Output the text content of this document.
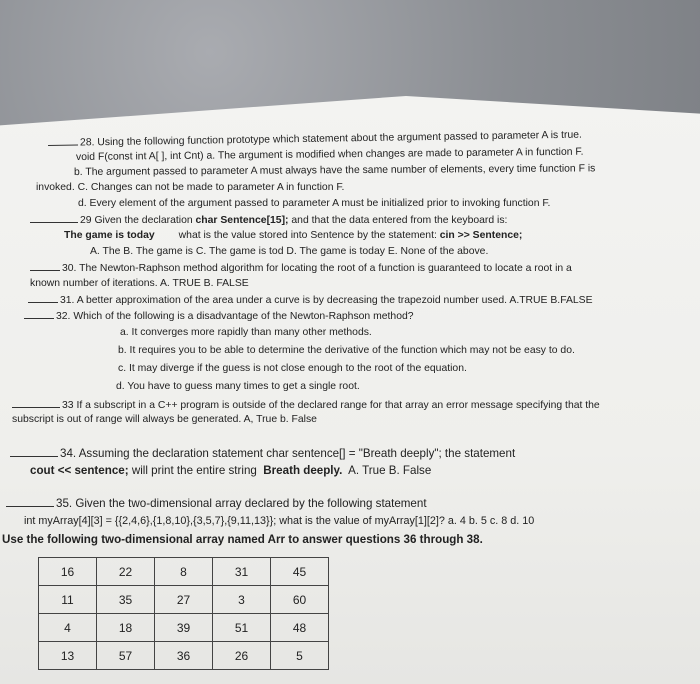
28. Using the following function prototype which statement about the argument passed to parameter A is true.
void F(const int A[ ], int Cnt) a. The argument is modified when changes are made to parameter A in function F.
b. The argument passed to parameter A must always have the same number of elements, every time function F is
invoked. C. Changes can not be made to parameter A in function F.
d. Every element of the argument passed to parameter A must be initialized prior to invoking function F.
29 Given the declaration char Sentence[15]; and that the data entered from the keyboard is:
The game is today what is the value stored into Sentence by the statement: cin >> Sentence;
A. The B. The game is C. The game is tod D. The game is today E. None of the above.
30. The Newton-Raphson method algorithm for locating the root of a function is guaranteed to locate a root in a
known number of iterations. A. TRUE B. FALSE
31. A better approximation of the area under a curve is by decreasing the trapezoid number used. A.TRUE B.FALSE
32. Which of the following is a disadvantage of the Newton-Raphson method?
a. It converges more rapidly than many other methods.
b. It requires you to be able to determine the derivative of the function which may not be easy to do.
c. It may diverge if the guess is not close enough to the root of the equation.
d. You have to guess many times to get a single root.
33 If a subscript in a C++ program is outside of the declared range for that array an error message specifying that the
subscript is out of range will always be generated. A, True b. False
34. Assuming the declaration statement char sentence[] = "Breath deeply"; the statement
cout << sentence; will print the entire string Breath deeply. A. True B. False
35. Given the two-dimensional array declared by the following statement
int myArray[4][3] = {{2,4,6},{1,8,10},{3,5,7},{9,11,13}}; what is the value of myArray[1][2]? a. 4 b. 5 c. 8 d. 10
Use the following two-dimensional array named Arr to answer questions 36 through 38.
16	22	8	31	45
11	35	27	3	60
4	18	39	51	48
13	57	36	26	5
